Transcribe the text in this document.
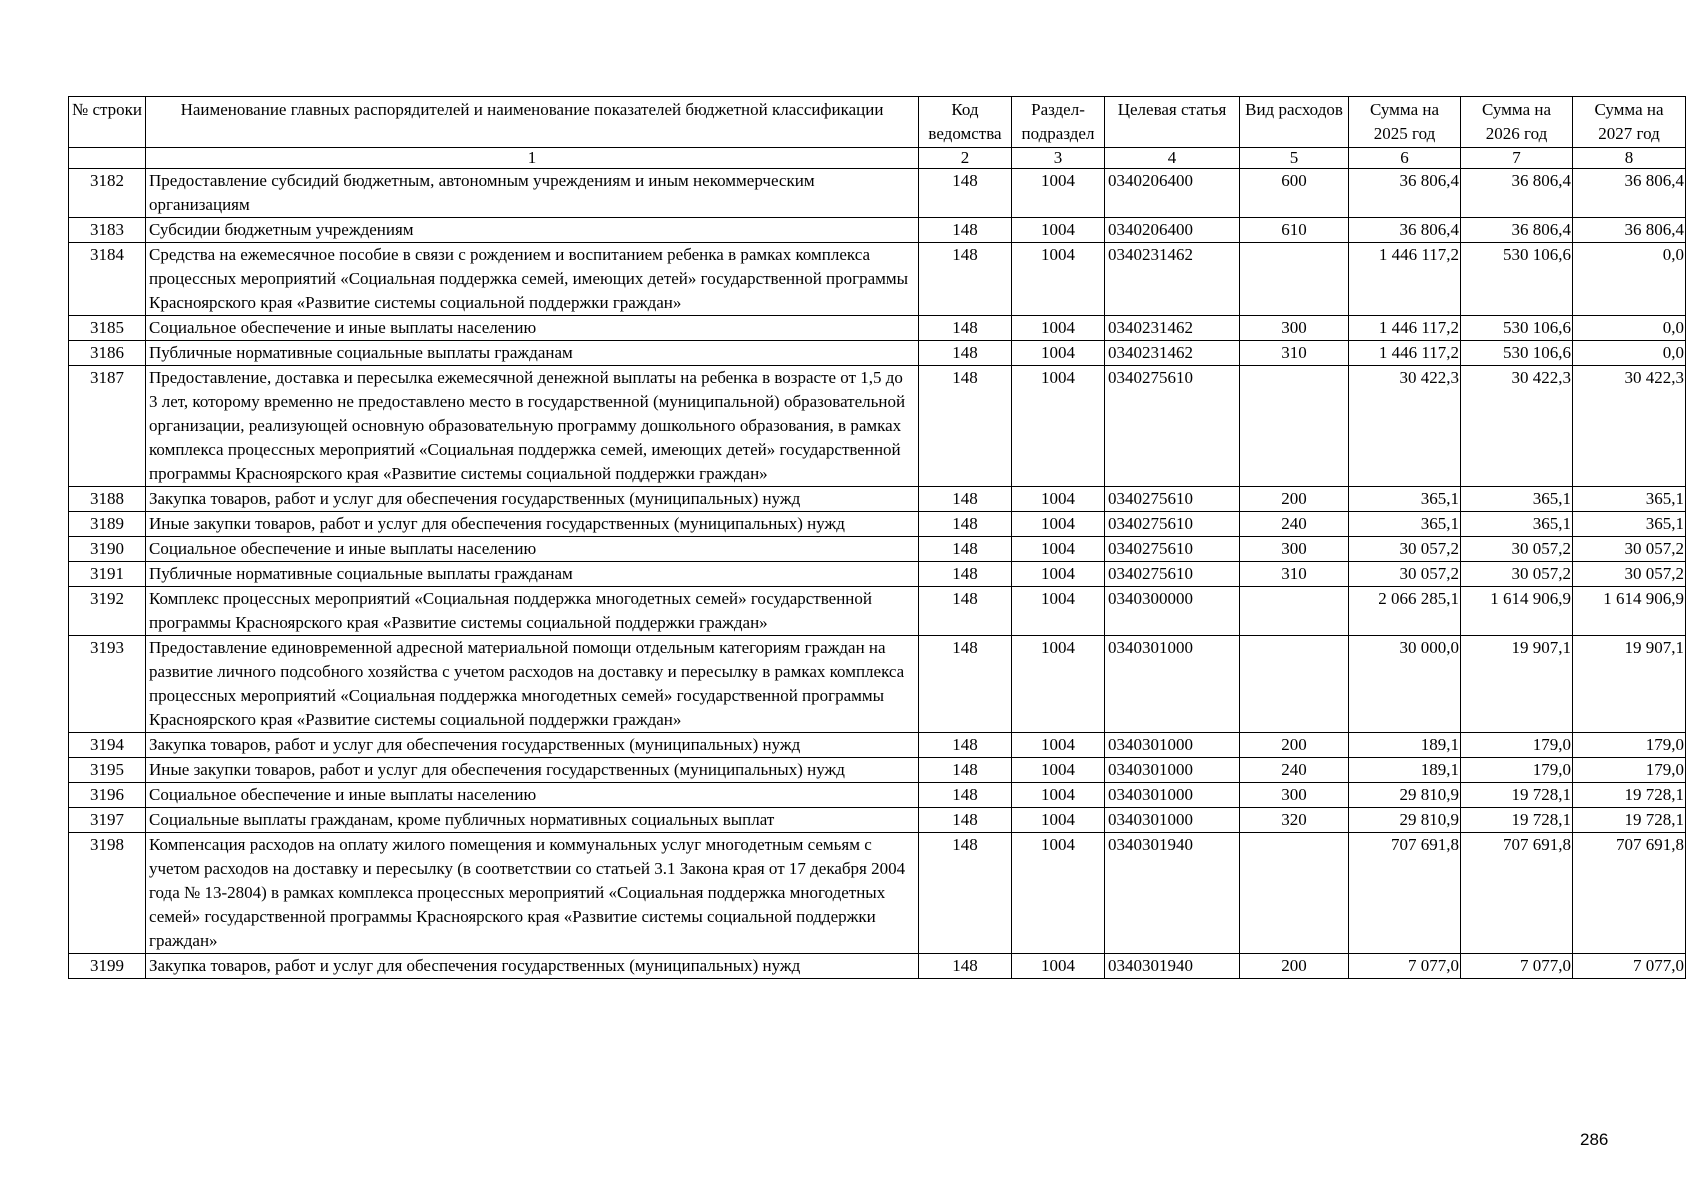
№ строки	Наименование главных распорядителей и наименование показателей бюджетной классификации	Код ведомства	Раздел-подраздел	Целевая статья	Вид расходов	Сумма на 2025 год	Сумма на 2026 год	Сумма на 2027 год
	1	2	3	4	5	6	7	8
3182	Предоставление субсидий бюджетным, автономным учреждениям и иным некоммерческим организациям	148	1004	0340206400	600	36 806,4	36 806,4	36 806,4
3183	Субсидии бюджетным учреждениям	148	1004	0340206400	610	36 806,4	36 806,4	36 806,4
3184	Средства на ежемесячное пособие в связи с рождением и воспитанием ребенка в рамках комплекса процессных мероприятий «Социальная поддержка семей, имеющих детей» государственной программы Красноярского края «Развитие системы социальной поддержки граждан»	148	1004	0340231462		1 446 117,2	530 106,6	0,0
3185	Социальное обеспечение и иные выплаты населению	148	1004	0340231462	300	1 446 117,2	530 106,6	0,0
3186	Публичные нормативные социальные выплаты гражданам	148	1004	0340231462	310	1 446 117,2	530 106,6	0,0
3187	Предоставление, доставка и пересылка ежемесячной денежной выплаты на ребенка в возрасте от 1,5 до 3 лет, которому временно не предоставлено место в государственной (муниципальной) образовательной организации, реализующей основную образовательную программу дошкольного образования, в рамках комплекса процессных мероприятий «Социальная поддержка семей, имеющих детей» государственной программы Красноярского края «Развитие системы социальной поддержки граждан»	148	1004	0340275610		30 422,3	30 422,3	30 422,3
3188	Закупка товаров, работ и услуг для обеспечения государственных (муниципальных) нужд	148	1004	0340275610	200	365,1	365,1	365,1
3189	Иные закупки товаров, работ и услуг для обеспечения государственных (муниципальных) нужд	148	1004	0340275610	240	365,1	365,1	365,1
3190	Социальное обеспечение и иные выплаты населению	148	1004	0340275610	300	30 057,2	30 057,2	30 057,2
3191	Публичные нормативные социальные выплаты гражданам	148	1004	0340275610	310	30 057,2	30 057,2	30 057,2
3192	Комплекс процессных мероприятий «Социальная поддержка многодетных семей» государственной программы Красноярского края «Развитие системы социальной поддержки граждан»	148	1004	0340300000		2 066 285,1	1 614 906,9	1 614 906,9
3193	Предоставление единовременной адресной материальной помощи отдельным категориям граждан на развитие личного подсобного хозяйства с учетом расходов на доставку и пересылку в рамках комплекса процессных мероприятий «Социальная поддержка многодетных семей» государственной программы Красноярского края «Развитие системы социальной поддержки граждан»	148	1004	0340301000		30 000,0	19 907,1	19 907,1
3194	Закупка товаров, работ и услуг для обеспечения государственных (муниципальных) нужд	148	1004	0340301000	200	189,1	179,0	179,0
3195	Иные закупки товаров, работ и услуг для обеспечения государственных (муниципальных) нужд	148	1004	0340301000	240	189,1	179,0	179,0
3196	Социальное обеспечение и иные выплаты населению	148	1004	0340301000	300	29 810,9	19 728,1	19 728,1
3197	Социальные выплаты гражданам, кроме публичных нормативных социальных выплат	148	1004	0340301000	320	29 810,9	19 728,1	19 728,1
3198	Компенсация расходов на оплату жилого помещения и коммунальных услуг многодетным семьям с учетом расходов на доставку и пересылку (в соответствии со статьей 3.1 Закона края от 17 декабря 2004 года № 13-2804) в рамках комплекса процессных мероприятий «Социальная поддержка многодетных семей» государственной программы Красноярского края «Развитие системы социальной поддержки граждан»	148	1004	0340301940		707 691,8	707 691,8	707 691,8
3199	Закупка товаров, работ и услуг для обеспечения государственных (муниципальных) нужд	148	1004	0340301940	200	7 077,0	7 077,0	7 077,0
286
